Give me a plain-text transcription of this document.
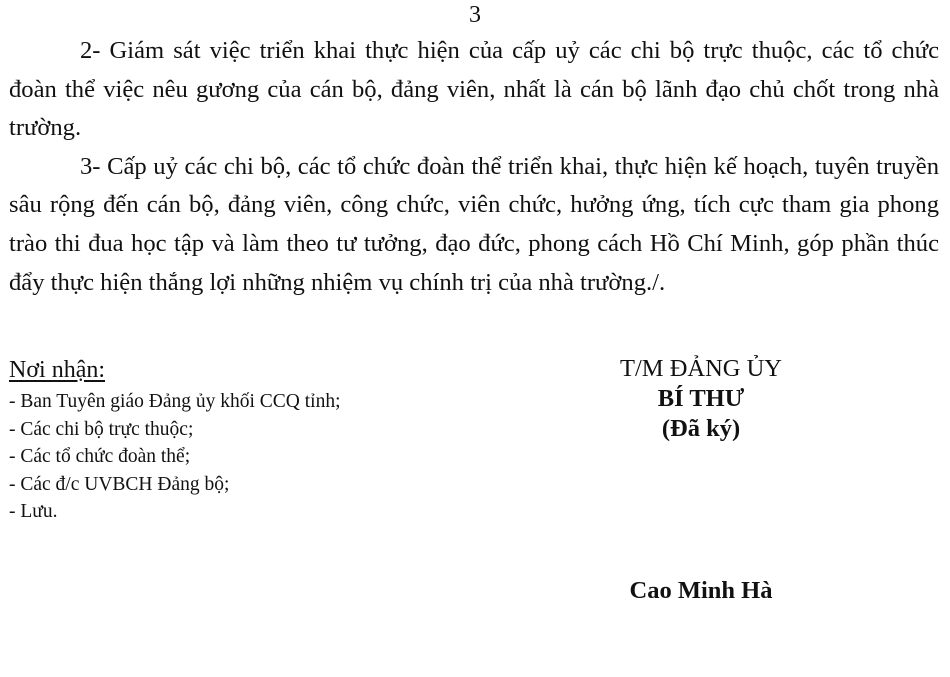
3

2- Giám sát việc triển khai thực hiện của cấp uỷ các chi bộ trực thuộc, các tổ chức đoàn thể việc nêu gương của cán bộ, đảng viên, nhất là cán bộ lãnh đạo chủ chốt trong nhà trường.

3- Cấp uỷ các chi bộ, các tổ chức đoàn thể triển khai, thực hiện kế hoạch, tuyên truyền sâu rộng đến cán bộ, đảng viên, công chức, viên chức, hưởng ứng, tích cực tham gia phong trào thi đua học tập và làm theo tư tưởng, đạo đức, phong cách Hồ Chí Minh, góp phần thúc đẩy thực hiện thắng lợi những nhiệm vụ chính trị của nhà trường./.

Nơi nhận:
- Ban Tuyên giáo Đảng ủy khối CCQ tỉnh;
- Các chi bộ trực thuộc;
- Các tổ chức đoàn thể;
- Các đ/c UVBCH Đảng bộ;
- Lưu.
T/M ĐẢNG ỦY
BÍ THƯ
(Đã ký)
Cao Minh Hà
